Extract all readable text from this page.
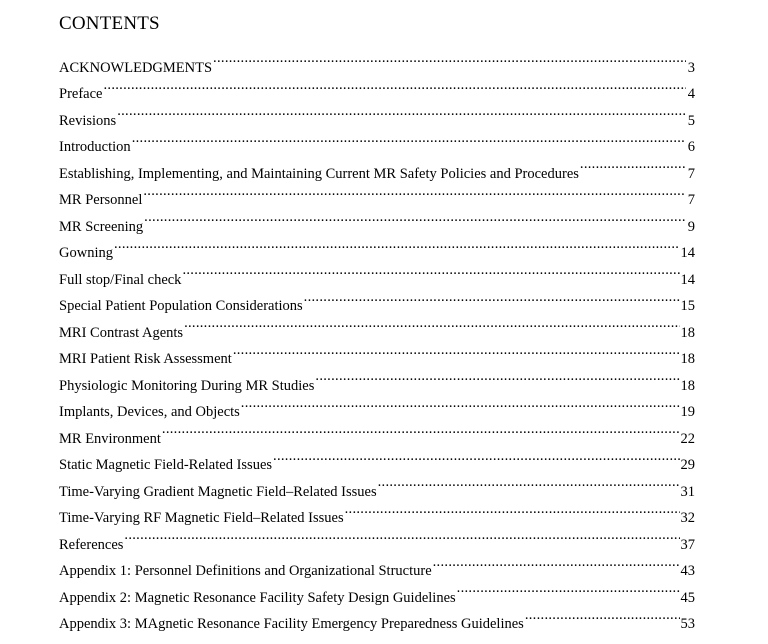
CONTENTS
ACKNOWLEDGMENTS .....	3
Preface .....	4
Revisions .....	5
Introduction .....	6
Establishing, Implementing, and Maintaining Current MR Safety Policies and Procedures .....	7
MR Personnel .....	7
MR Screening .....	9
Gowning .....	14
Full stop/Final check .....	14
Special Patient Population Considerations .....	15
MRI Contrast Agents .....	18
MRI Patient Risk Assessment .....	18
Physiologic Monitoring During MR Studies .....	18
Implants, Devices, and Objects .....	19
MR Environment .....	22
Static Magnetic Field-Related Issues .....	29
Time-Varying Gradient Magnetic Field–Related Issues .....	31
Time-Varying RF Magnetic Field–Related Issues .....	32
References .....	37
Appendix 1: Personnel Definitions and Organizational Structure .....	43
Appendix 2: Magnetic Resonance Facility Safety Design Guidelines .....	45
Appendix 3: MAgnetic Resonance Facility Emergency Preparedness Guidelines .....	53
